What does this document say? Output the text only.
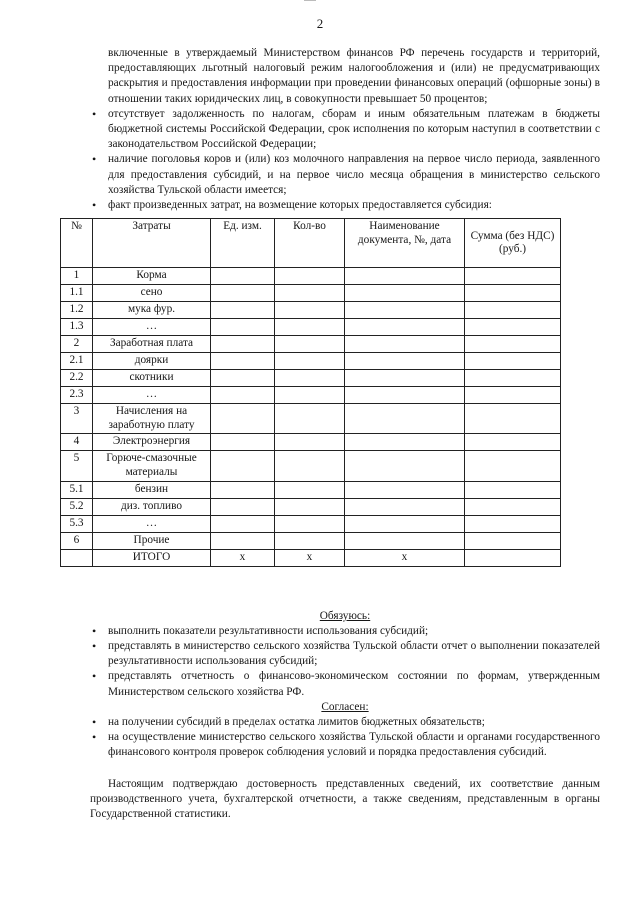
2

включенные в утверждаемый Министерством финансов РФ перечень государств и территорий, предоставляющих льготный налоговый режим налогообложения и (или) не предусматривающих раскрытия и предоставления информации при проведении финансовых операций (офшорные зоны) в отношении таких юридических лиц, в совокупности превышает 50 процентов;

• отсутствует задолженность по налогам, сборам и иным обязательным платежам в бюджеты бюджетной системы Российской Федерации, срок исполнения по которым наступил в соответствии с законодательством Российской Федерации;
• наличие поголовья коров и (или) коз молочного направления на первое число периода, заявленного для предоставления субсидий, и на первое число месяца обращения в министерство сельского хозяйства Тульской области имеется;
• факт произведенных затрат, на возмещение которых предоставляется субсидия:
№	Затраты	Ед. изм.	Кол-во	Наименование документа, №, дата	Сумма (без НДС) (руб.)
1	Корма				
1.1	сено				
1.2	мука фур.				
1.3	…				
2	Заработная плата				
2.1	доярки				
2.2	скотники				
2.3	…				
3	Начисления на заработную плату				
4	Электроэнергия				
5	Горюче-смазочные материалы				
5.1	бензин				
5.2	диз. топливо				
5.3	…				
6	Прочие				
	ИТОГО	х	х	х	

Обязуюсь:

• выполнить показатели результативности использования субсидий;
• представлять в министерство сельского хозяйства Тульской области отчет о выполнении показателей результативности использования субсидий;
• представлять отчетность о финансово-экономическом состоянии по формам, утвержденным Министерством сельского хозяйства РФ.

Согласен:

• на получении субсидий в пределах остатка лимитов бюджетных обязательств;
• на осуществление министерство сельского хозяйства Тульской области и органами государственного финансового контроля проверок соблюдения условий и порядка предоставления субсидий.

Настоящим подтверждаю достоверность представленных сведений, их соответствие данным производственного учета, бухгалтерской отчетности, а также сведениям, представленным в органы Государственной статистики.
